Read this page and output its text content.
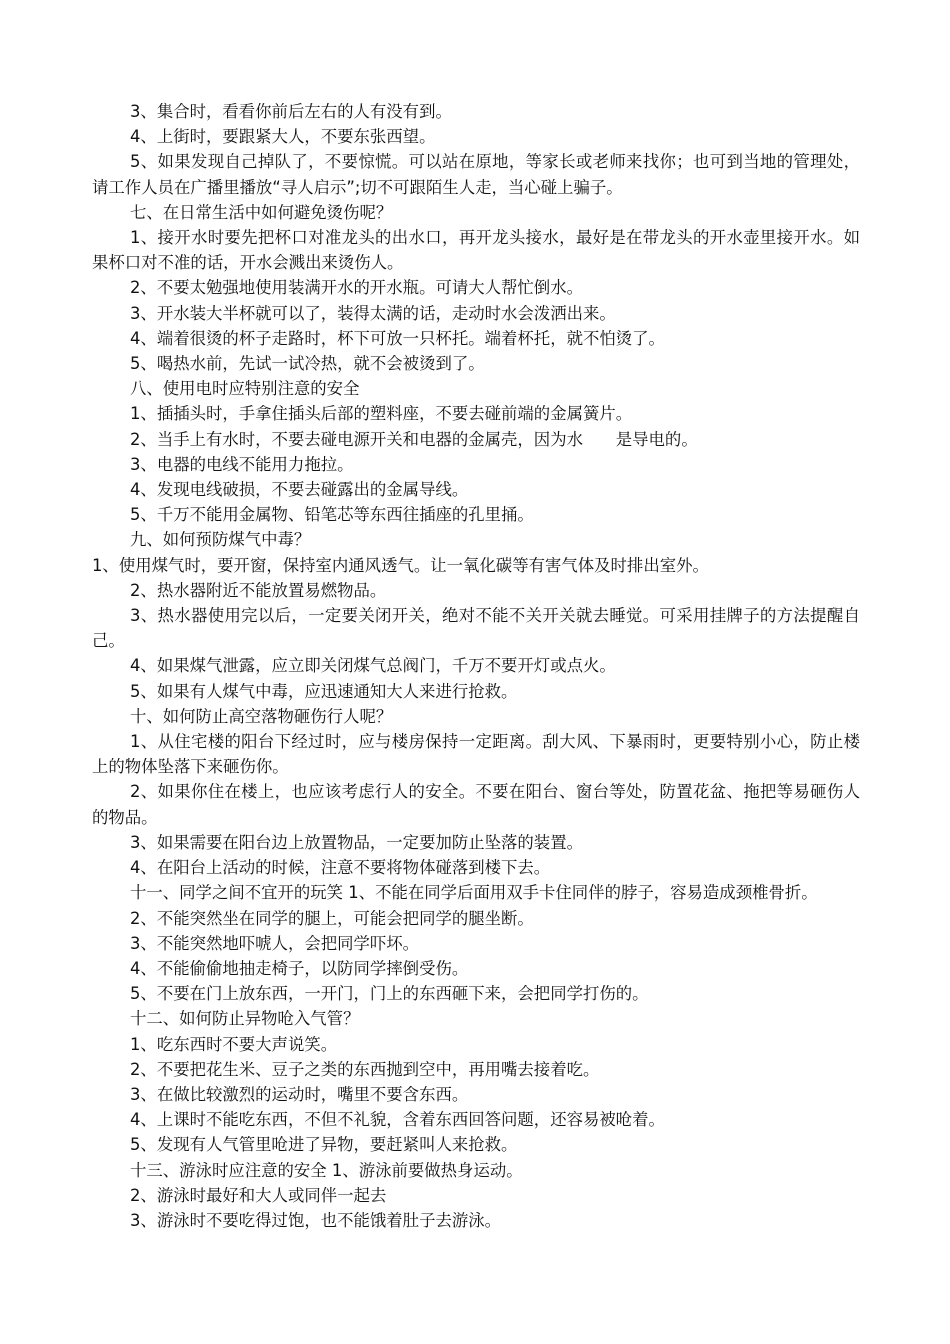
3、集合时，看看你前后左右的人有没有到。

4、上街时，要跟紧大人，不要东张西望。

5、如果发现自己掉队了，不要惊慌。可以站在原地，等家长或老师来找你；也可到当地的管理处，请工作人员在广播里播放“寻人启示”;切不可跟陌生人走，当心碰上骗子。

七、在日常生活中如何避免烫伤呢？

1、接开水时要先把杯口对准龙头的出水口，再开龙头接水，最好是在带龙头的开水壶里接开水。如果杯口对不准的话，开水会溅出来烫伤人。

2、不要太勉强地使用装满开水的开水瓶。可请大人帮忙倒水。

3、开水装大半杯就可以了，装得太满的话，走动时水会泼洒出来。

4、端着很烫的杯子走路时，杯下可放一只杯托。端着杯托，就不怕烫了。

5、喝热水前，先试一试冷热，就不会被烫到了。

八、使用电时应特别注意的安全

1、插插头时，手拿住插头后部的塑料座，不要去碰前端的金属簧片。

2、当手上有水时，不要去碰电源开关和电器的金属壳，因为水　　是导电的。

3、电器的电线不能用力拖拉。

4、发现电线破损，不要去碰露出的金属导线。

5、千万不能用金属物、铅笔芯等东西往插座的孔里捅。

九、如何预防煤气中毒？

1、使用煤气时，要开窗，保持室内通风透气。让一氧化碳等有害气体及时排出室外。

2、热水器附近不能放置易燃物品。

3、热水器使用完以后，一定要关闭开关，绝对不能不关开关就去睡觉。可采用挂牌子的方法提醒自己。

4、如果煤气泄露，应立即关闭煤气总阀门，千万不要开灯或点火。

5、如果有人煤气中毒，应迅速通知大人来进行抢救。

十、如何防止高空落物砸伤行人呢？

1、从住宅楼的阳台下经过时，应与楼房保持一定距离。刮大风、下暴雨时，更要特别小心，防止楼上的物体坠落下来砸伤你。

2、如果你住在楼上，也应该考虑行人的安全。不要在阳台、窗台等处，防置花盆、拖把等易砸伤人的物品。

3、如果需要在阳台边上放置物品，一定要加防止坠落的装置。

4、在阳台上活动的时候，注意不要将物体碰落到楼下去。

十一、同学之间不宜开的玩笑 1、不能在同学后面用双手卡住同伴的脖子，容易造成颈椎骨折。

2、不能突然坐在同学的腿上，可能会把同学的腿坐断。

3、不能突然地吓唬人，会把同学吓坏。

4、不能偷偷地抽走椅子，以防同学摔倒受伤。

5、不要在门上放东西，一开门，门上的东西砸下来，会把同学打伤的。

十二、如何防止异物呛入气管？

1、吃东西时不要大声说笑。

2、不要把花生米、豆子之类的东西抛到空中，再用嘴去接着吃。

3、在做比较激烈的运动时，嘴里不要含东西。

4、上课时不能吃东西，不但不礼貌，含着东西回答问题，还容易被呛着。

5、发现有人气管里呛进了异物，要赶紧叫人来抢救。

十三、游泳时应注意的安全 1、游泳前要做热身运动。

2、游泳时最好和大人或同伴一起去

3、游泳时不要吃得过饱，也不能饿着肚子去游泳。
